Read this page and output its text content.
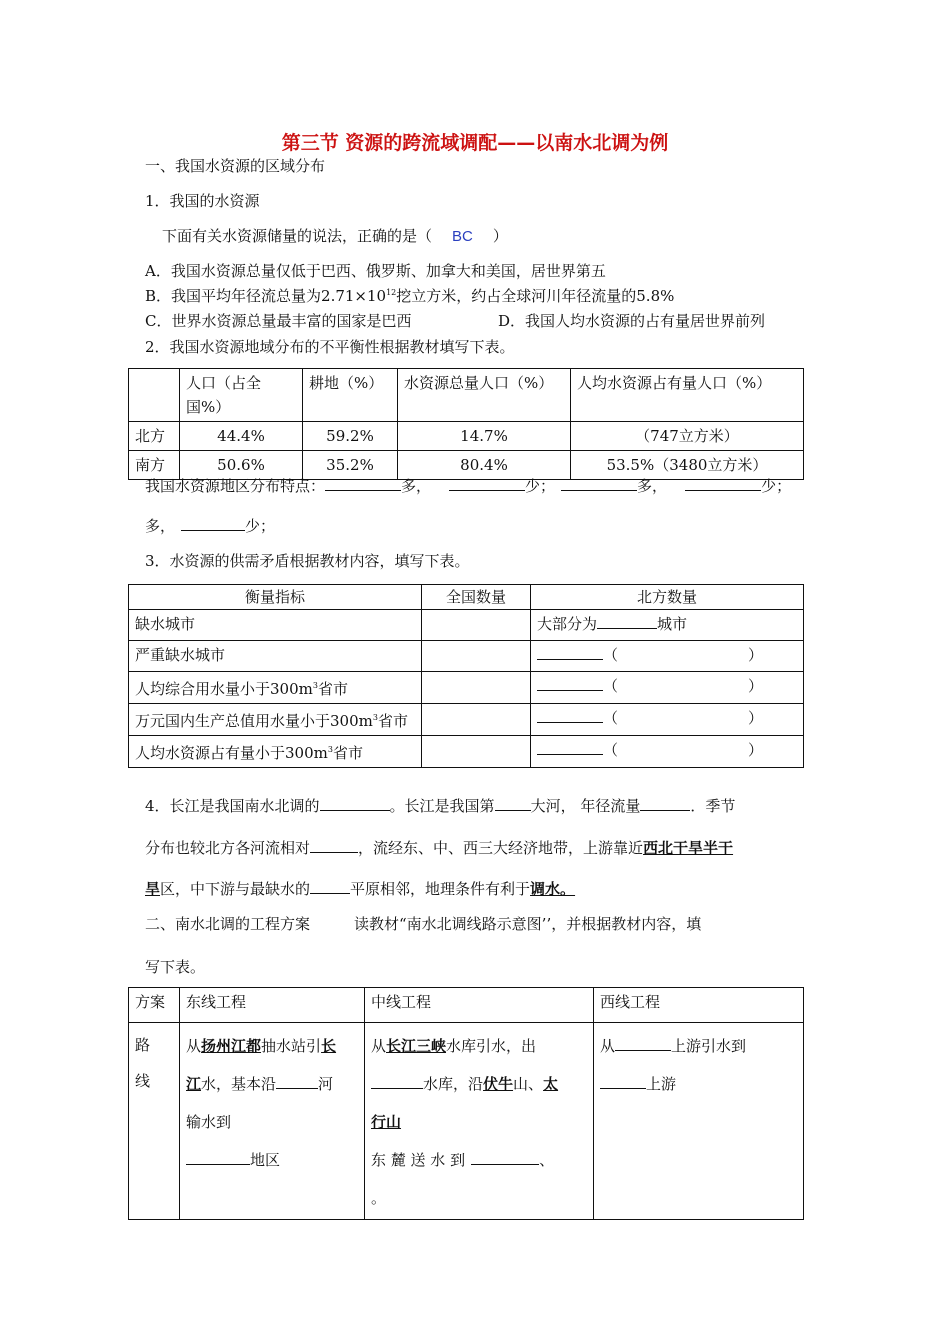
第三节 资源的跨流域调配——以南水北调为例
一、我国水资源的区域分布
1．我国的水资源
下面有关水资源储量的说法，正确的是（ BC ）
A．我国水资源总量仅低于巴西、俄罗斯、加拿大和美国，居世界第五
B．我国平均年径流总量为$2.71\times 10^{12}$挖立方米，约占全球河川年径流量的5.8%
C．世界水资源总量最丰富的国家是巴西	D．我国人均水资源的占有量居世界前列
2．我国水资源地域分布的不平衡性根据教材填写下表。
	人口（占全国%）	耕地（%）	水资源总量人口（%）	人均水资源占有量人口（%）
北方	44.4%	59.2%	14.7%	（747立方米）
南方	50.6%	35.2%	80.4%	53.5%（3480立方米）
我国水资源地区分布特点：	多，	少；	多，	少；
多，	少；
3．水资源的供需矛盾根据教材内容，填写下表。
衡量指标	全国数量	北方数量
缺水城市		大部分为 城市
严重缺水城市		（ ）
人均综合用水量小于$300m^3$省市		（ ）
万元国内生产总值用水量小于$300m^3$省市		（ ）
人均水资源占有量小于$300m^3$省市		（ ）
4．长江是我国南水北调的	。长江是我国第 大河， 年径流量	．季节
分布也较北方各河流相对	，流经东、中、西三大经济地带，上游靠近西北干旱半干
旱区，中下游与最缺水的	平原相邻，地理条件有利于调水。
二、南水北调的工程方案	读教材“南水北调线路示意图’’，并根据教材内容，填
写下表。
方案	东线工程	中线工程	西线工程
路
线	从扬州江都抽水站引长
江水，基本沿 河
输水到
地区	从长江三峡水库引水，出
水库，沿伏牛山、太
行山
东 麓 送 水 到 、
。	从 上游引水到
上游
